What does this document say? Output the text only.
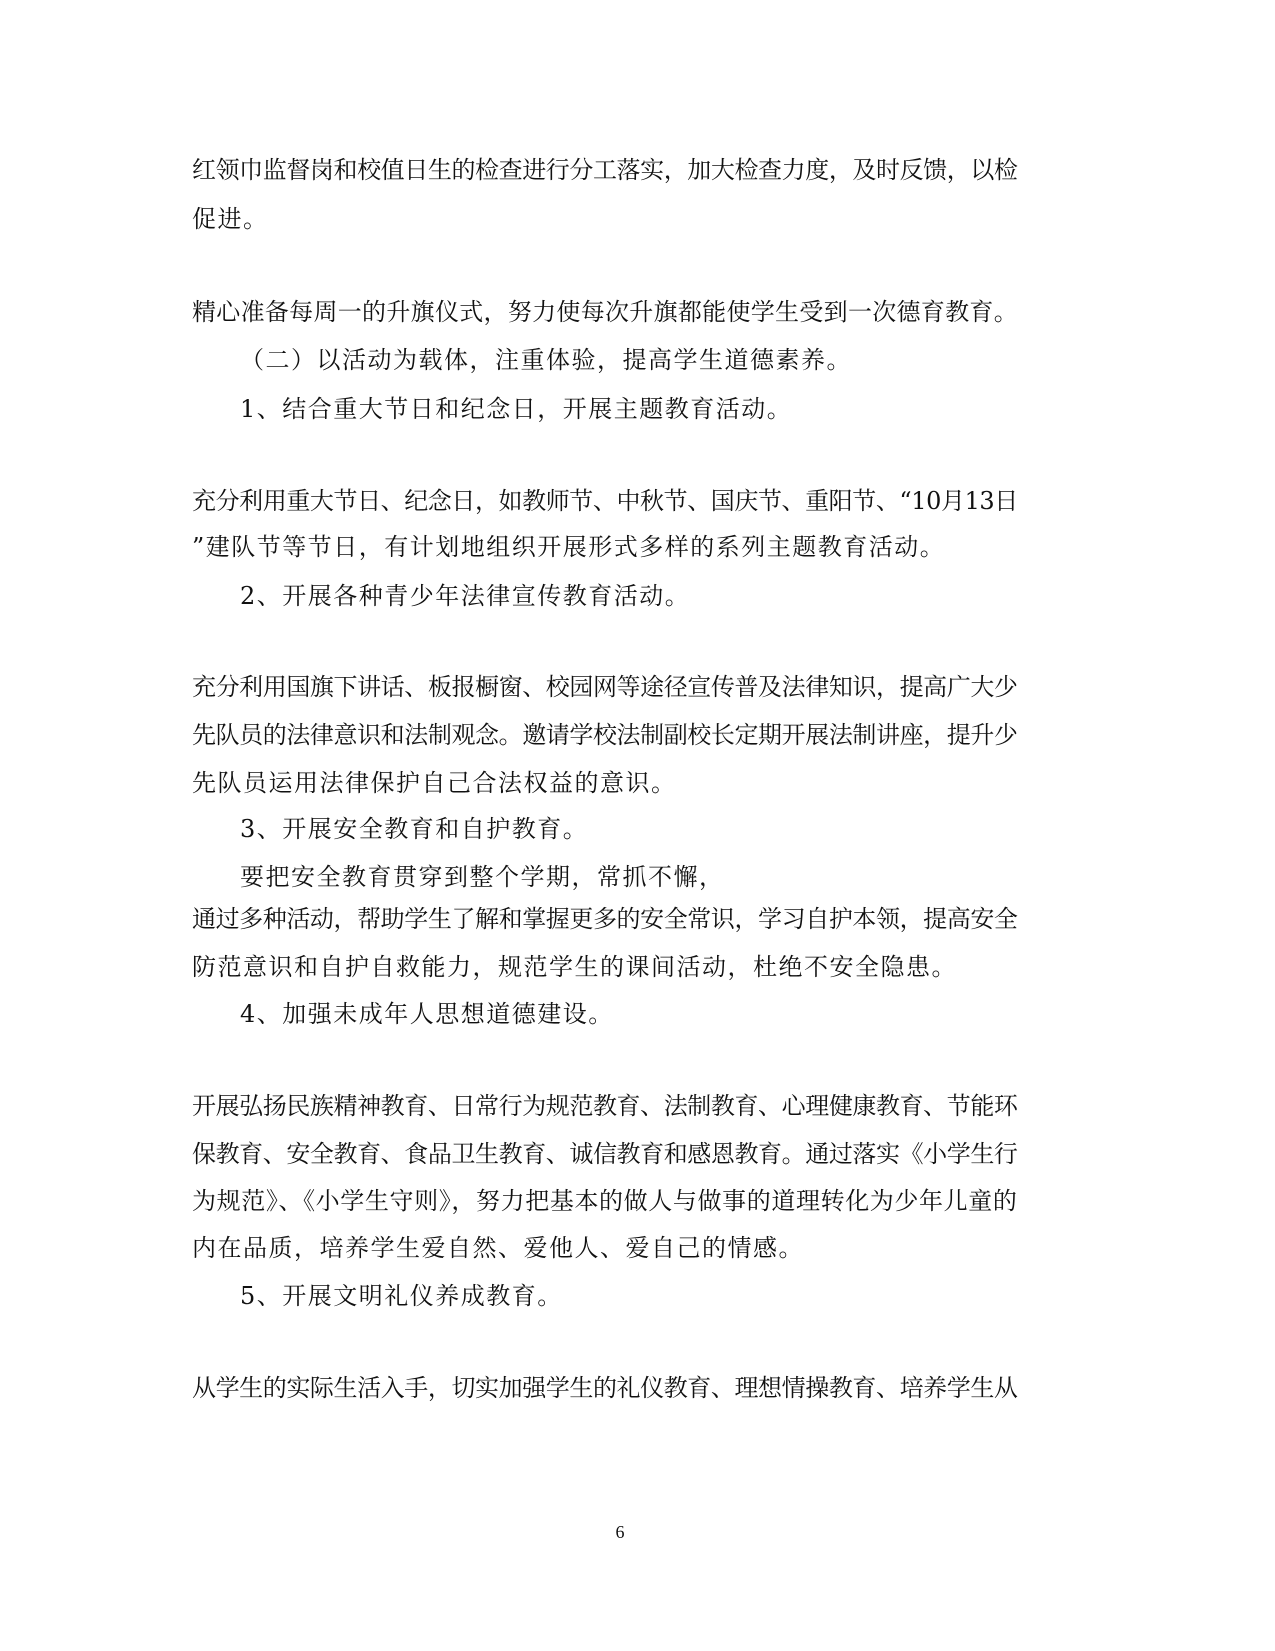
红领巾监督岗和校值日生的检查进行分工落实，加大检查力度，及时反馈，以检
促进。
精心准备每周一的升旗仪式，努力使每次升旗都能使学生受到一次德育教育。
（二）以活动为载体，注重体验，提高学生道德素养。
1、结合重大节日和纪念日，开展主题教育活动。
充分利用重大节日、纪念日，如教师节、中秋节、国庆节、重阳节、“10月13日
”建队节等节日，有计划地组织开展形式多样的系列主题教育活动。
2、开展各种青少年法律宣传教育活动。
充分利用国旗下讲话、板报橱窗、校园网等途径宣传普及法律知识，提高广大少
先队员的法律意识和法制观念。邀请学校法制副校长定期开展法制讲座，提升少
先队员运用法律保护自己合法权益的意识。
3、开展安全教育和自护教育。
要把安全教育贯穿到整个学期，常抓不懈，
通过多种活动，帮助学生了解和掌握更多的安全常识，学习自护本领，提高安全
防范意识和自护自救能力，规范学生的课间活动，杜绝不安全隐患。
4、加强未成年人思想道德建设。
开展弘扬民族精神教育、日常行为规范教育、法制教育、心理健康教育、节能环
保教育、安全教育、食品卫生教育、诚信教育和感恩教育。通过落实《小学生行
为规范》、《小学生守则》，努力把基本的做人与做事的道理转化为少年儿童的
内在品质，培养学生爱自然、爱他人、爱自己的情感。
5、开展文明礼仪养成教育。
从学生的实际生活入手，切实加强学生的礼仪教育、理想情操教育、培养学生从
6
